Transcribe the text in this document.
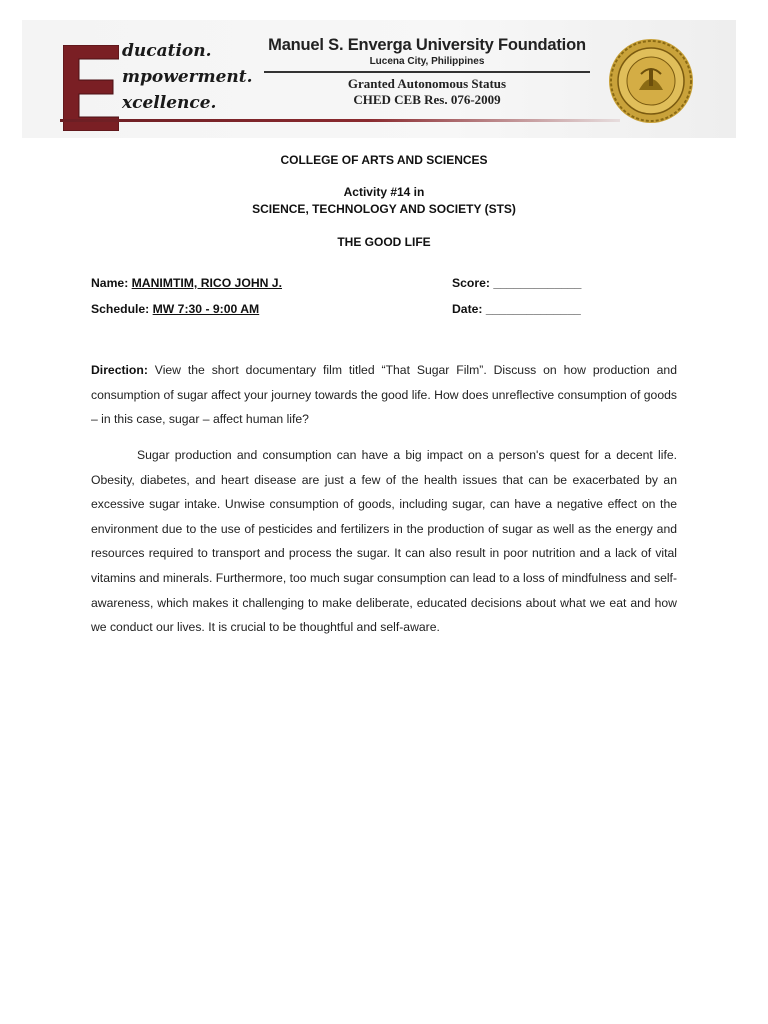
ducation.
mpowerment.
xcellence.
Manuel S. Enverga University Foundation
Lucena City, Philippines
Granted Autonomous Status
CHED CEB Res. 076-2009
COLLEGE OF ARTS AND SCIENCES
Activity #14 in
SCIENCE, TECHNOLOGY AND SOCIETY (STS)
THE GOOD LIFE
Name: MANIMTIM, RICO JOHN J.	Score: _____________
Schedule: MW 7:30 - 9:00 AM	Date: ______________
Direction: View the short documentary film titled “That Sugar Film”. Discuss on how production and consumption of sugar affect your journey towards the good life. How does unreflective consumption of goods – in this case, sugar – affect human life?
Sugar production and consumption can have a big impact on a person's quest for a decent life. Obesity, diabetes, and heart disease are just a few of the health issues that can be exacerbated by an excessive sugar intake. Unwise consumption of goods, including sugar, can have a negative effect on the environment due to the use of pesticides and fertilizers in the production of sugar as well as the energy and resources required to transport and process the sugar. It can also result in poor nutrition and a lack of vital vitamins and minerals. Furthermore, too much sugar consumption can lead to a loss of mindfulness and self-awareness, which makes it challenging to make deliberate, educated decisions about what we eat and how we conduct our lives. It is crucial to be thoughtful and self-aware.
